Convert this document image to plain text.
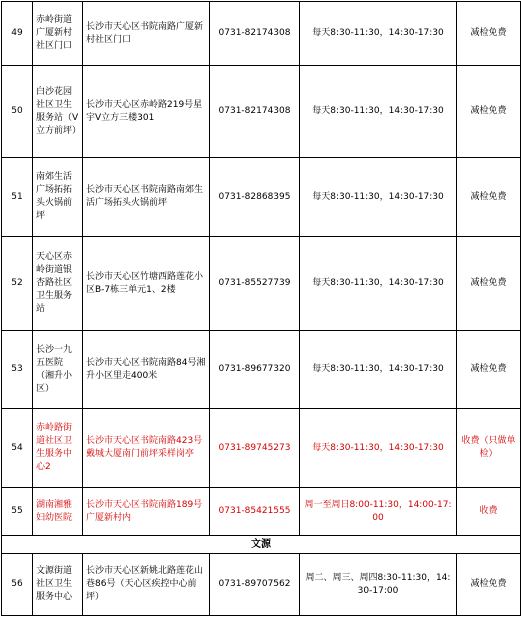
49	赤岭街道广厦新村社区门口	长沙市天心区书院南路广厦新村社区门口	0731-82174308	每天8:30-11:30，14:30-17:30	减检免费
50	白沙花园社区卫生服务站（V立方前坪）	长沙市天心区赤岭路219号星宇V立方三楼301	0731-82174308	每天8:30-11:30，14:30-17:30	减检免费
51	南郊生活广场拓拓头火锅前坪	长沙市天心区书院南路南郊生活广场拓头火锅前坪	0731-82868395	每天8:30-11:30，14:30-17:30	减检免费
52	天心区赤岭街道银杏路社区卫生服务站	长沙市天心区竹塘西路莲花小区B-7栋三单元1、2楼	0731-85527739	每天8:30-11:30，14:30-17:30	减检免费
53	长沙一九五医院（湘升小区）	长沙市天心区书院南路84号湘升小区里走400米	0731-89677320	每天8:30-11:30，14:30-17:30	减检免费
54	赤岭路街道社区卫生服务中心2	长沙市天心区书院南路423号戴城大厦南门前坪采样岗亭	0731-89745273	每天8:30-11:30，14:30-17:30	收费（只做单检）
55	湖南湘雅妇幼医院	长沙市天心区书院南路189号广厦新村内	0731-85421555	周一至周日8:00-11:30，14:00-17:00	收费
文源					
56	文源街道社区卫生服务中心	长沙市天心区新姚北路莲花山巷86号（天心区疾控中心前坪）	0731-89707562	周二、周三、周四8:30-11:30，14:30-17:00	减检免费
